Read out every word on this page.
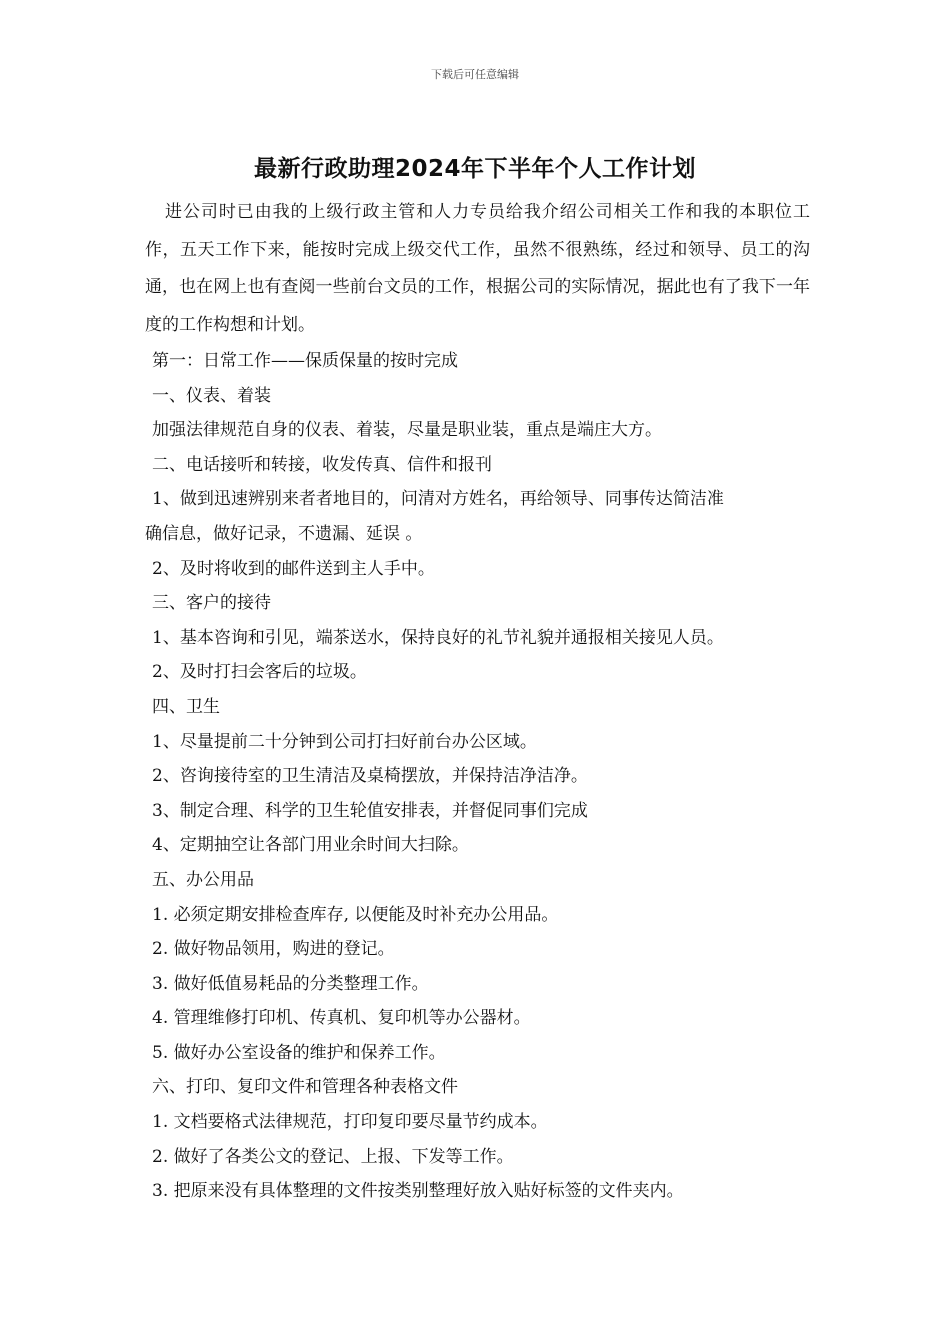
下载后可任意编辑
最新行政助理2024年下半年个人工作计划

进公司时已由我的上级行政主管和人力专员给我介绍公司相关工作和我的本职位工作，五天工作下来，能按时完成上级交代工作，虽然不很熟练，经过和领导、员工的沟通，也在网上也有查阅一些前台文员的工作，根据公司的实际情况，据此也有了我下一年度的工作构想和计划。

第一：日常工作——保质保量的按时完成

一、仪表、着装

加强法律规范自身的仪表、着装，尽量是职业装，重点是端庄大方。

二、电话接听和转接，收发传真、信件和报刊

1、做到迅速辨别来者者地目的，问清对方姓名，再给领导、同事传达简洁准

确信息，做好记录，不遗漏、延误 。

2、及时将收到的邮件送到主人手中。

三、客户的接待

1、基本咨询和引见，端茶送水，保持良好的礼节礼貌并通报相关接见人员。

2、及时打扫会客后的垃圾。

四、卫生

1、尽量提前二十分钟到公司打扫好前台办公区域。

2、咨询接待室的卫生清洁及桌椅摆放，并保持洁净洁净。

3、制定合理、科学的卫生轮值安排表，并督促同事们完成

4、定期抽空让各部门用业余时间大扫除。

五、办公用品

1. 必须定期安排检查库存, 以便能及时补充办公用品。

2. 做好物品领用，购进的登记。

3. 做好低值易耗品的分类整理工作。

4. 管理维修打印机、传真机、复印机等办公器材。

5. 做好办公室设备的维护和保养工作。

六、打印、复印文件和管理各种表格文件

1. 文档要格式法律规范，打印复印要尽量节约成本。

2. 做好了各类公文的登记、上报、下发等工作。

3. 把原来没有具体整理的文件按类别整理好放入贴好标签的文件夹内。
